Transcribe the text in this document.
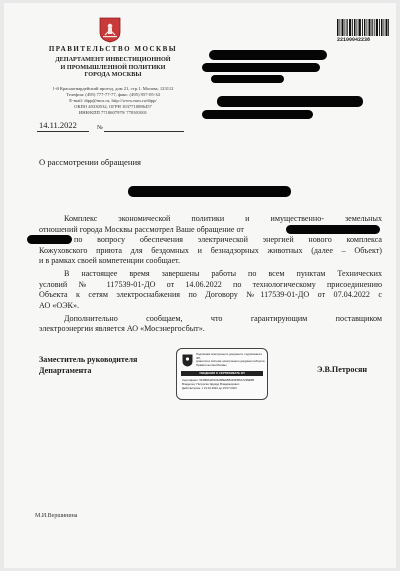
ПРАВИТЕЛЬСТВО МОСКВЫ
ДЕПАРТАМЕНТ ИНВЕСТИЦИОННОЙ
И ПРОМЫШЛЕННОЙ ПОЛИТИКИ
ГОРОДА МОСКВЫ
1-й Красногвардейский проезд, дом 21, стр.1, Москва, 123112
Телефон: (495) 777-77-77, факс: (495) 957-05-34
E-mail: dipp@mos.ru, http://www.mos.ru/dipp/
ОКПО 40330532, ОГРН 1037710086457
ИНН/КПП 7710607979/ 770301001
14.11.2022	№
22100042238
О рассмотрении обращения
Комплекс экономической политики и имущественно- земельных
отношений города Москвы рассмотрел Ваше обращение от
по вопросу обеспечения электрической энергией нового комплекса
Кожуховского приюта для бездомных и безнадзорных животных (далее – Объект)
и в рамках своей компетенции сообщает.
В настоящее время завершены работы по всем пунктам Технических
условий № 117539-01-ДО от 14.06.2022 по технологическому присоединению
Объекта к сетям электроснабжения по Договору №117539-01-ДО от 07.04.2022 с
АО «ОЭК».
Дополнительно сообщаем, что гарантирующим поставщиком
электроэнергии является АО «Мосэнергосбыт».
Заместитель руководителя
Департамента	Э.В.Петросян
Подлинник электронного документа, подписанного ЭП,
хранится в системе электронного документооборота
Правительства Москвы
СВЕДЕНИЯ О СЕРТИФИКАТЕ ЭП
Сертификат: 5F1B8A4D0C6AB5E0B52D3FB6A7236E8B
Владелец: Петросян Эдуард Владимирович
Действителен: с 21.04.2022 до 15.07.2023
М.И.Вершинина
